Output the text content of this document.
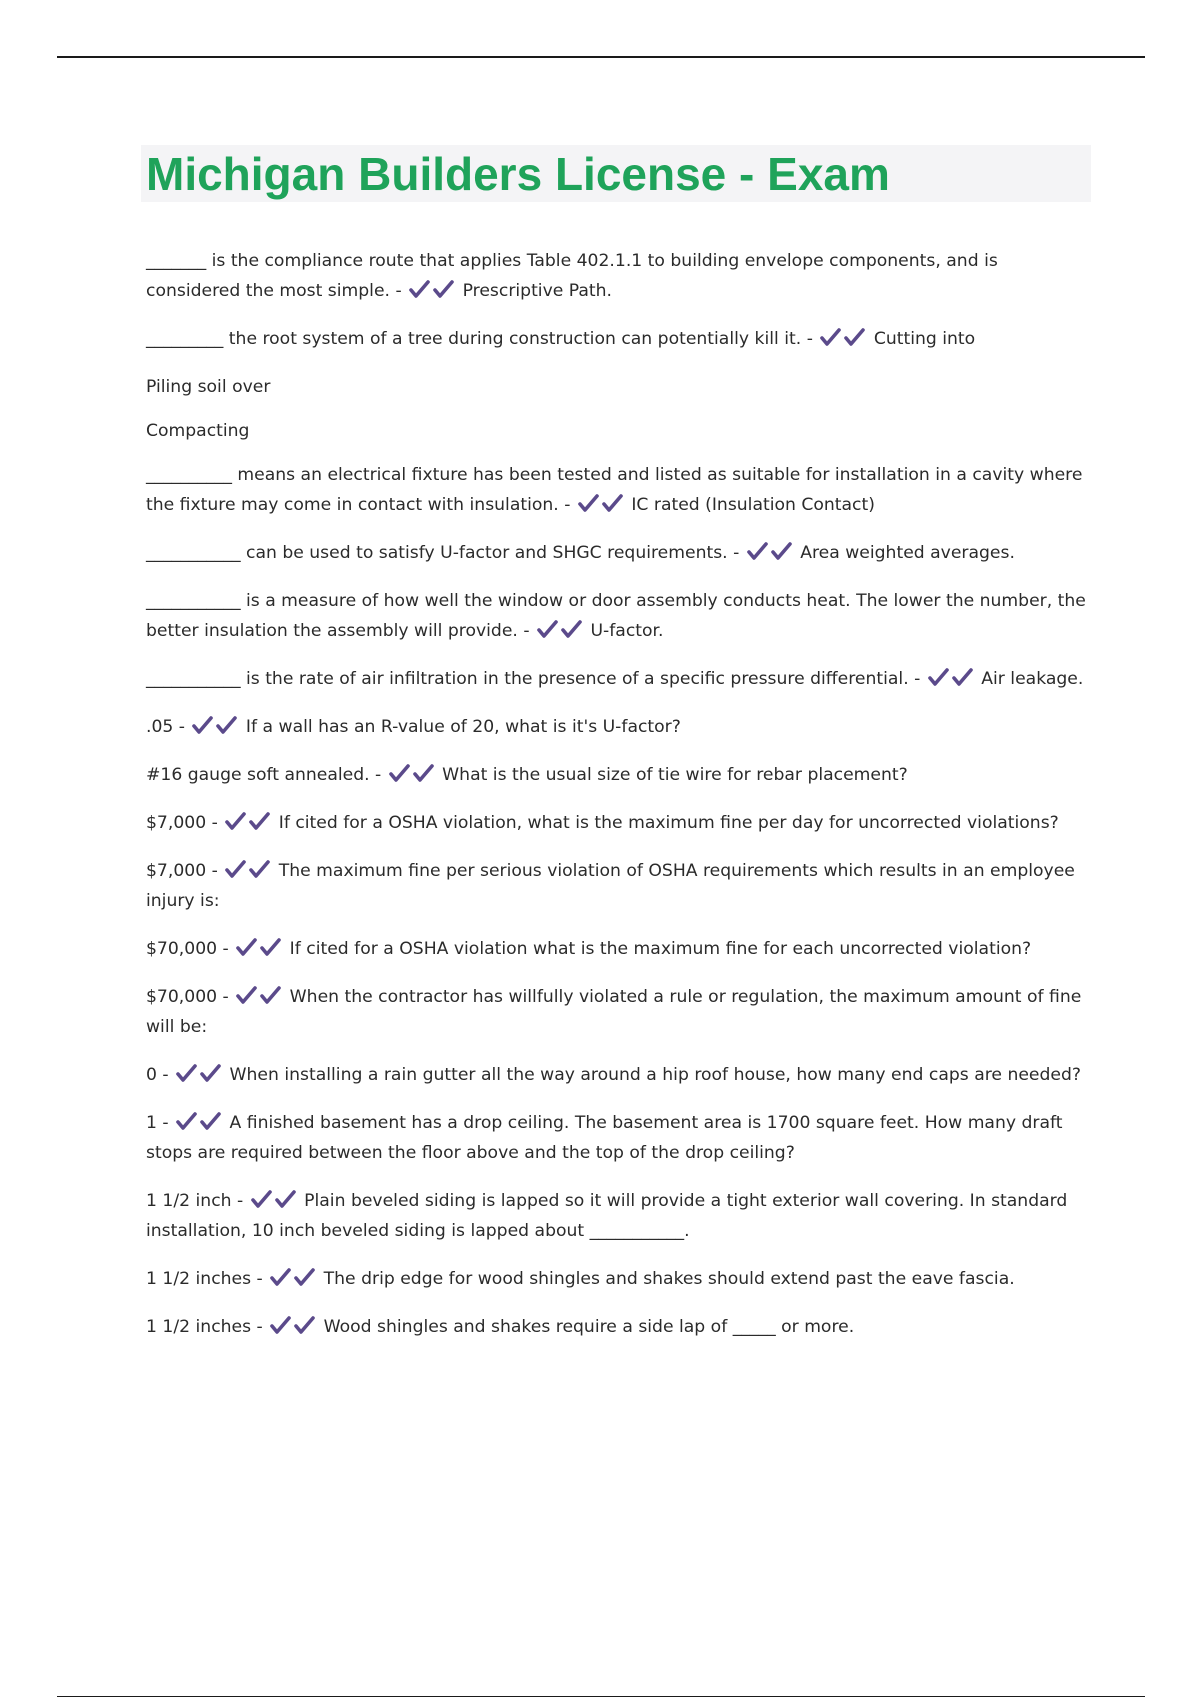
Michigan Builders License - Exam

_______ is the compliance route that applies Table 402.1.1 to building envelope components, and is considered the most simple. -	Prescriptive Path.

_________ the root system of a tree during construction can potentially kill it. -	Cutting into

Piling soil over

Compacting

__________ means an electrical fixture has been tested and listed as suitable for installation in a cavity where the fixture may come in contact with insulation. -	IC rated (Insulation Contact)

___________ can be used to satisfy U-factor and SHGC requirements. -	Area weighted averages.

___________ is a measure of how well the window or door assembly conducts heat. The lower the number, the better insulation the assembly will provide. -	U-factor.

___________ is the rate of air infiltration in the presence of a specific pressure differential. -	Air leakage.

.05 -	If a wall has an R-value of 20, what is it's U-factor?

#16 gauge soft annealed. -	What is the usual size of tie wire for rebar placement?

$7,000 -	If cited for a OSHA violation, what is the maximum fine per day for uncorrected violations?

$7,000 -	The maximum fine per serious violation of OSHA requirements which results in an employee injury is:

$70,000 -	If cited for a OSHA violation what is the maximum fine for each uncorrected violation?

$70,000 -	When the contractor has willfully violated a rule or regulation, the maximum amount of fine will be:

0 -	When installing a rain gutter all the way around a hip roof house, how many end caps are needed?

1 -	A finished basement has a drop ceiling. The basement area is 1700 square feet. How many draft stops are required between the floor above and the top of the drop ceiling?

1 1/2 inch -	Plain beveled siding is lapped so it will provide a tight exterior wall covering. In standard installation, 10 inch beveled siding is lapped about ___________.

1 1/2 inches -	The drip edge for wood shingles and shakes should extend past the eave fascia.

1 1/2 inches -	Wood shingles and shakes require a side lap of _____ or more.
